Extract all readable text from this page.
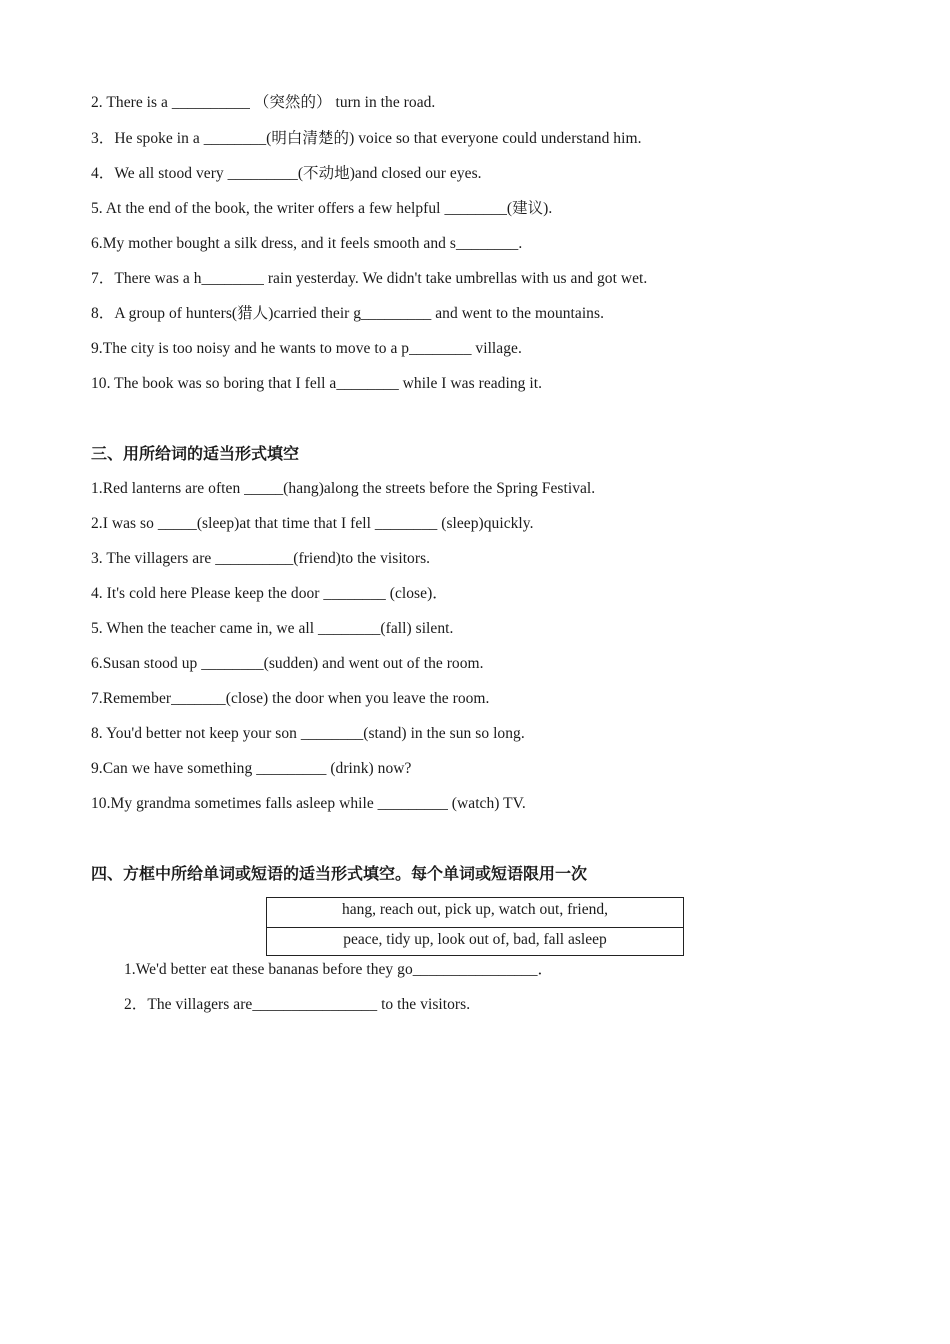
2. There is a __________ （突然的） turn in the road.
3．He spoke in a ________(明白清楚的) voice so that everyone could understand him.
4．We all stood very _________(不动地)and closed our eyes.
5. At the end of the book, the writer offers a few helpful ________(建议).
6.My mother bought a silk dress, and it feels smooth and s________.
7．There was a h________ rain yesterday. We didn't take umbrellas with us and got wet.
8．A group of hunters(猎人)carried their g_________ and went to the mountains.
9.The city is too noisy and he wants to move to a p________ village.
10. The book was so boring that I fell a________ while I was reading it.
三、用所给词的适当形式填空
1.Red lanterns are often _____(hang)along the streets before the Spring Festival.
2.I was so _____(sleep)at that time that I fell ________ (sleep)quickly.
3. The villagers are __________(friend)to the visitors.
4. It's cold here Please keep the door ________ (close)．
5. When the teacher came in, we all ________(fall) silent.
6.Susan stood up ________(sudden) and went out of the room.
7.Remember_______(close) the door when you leave the room.
8. You'd better not keep your son ________(stand) in the sun so long.
9.Can we have something _________ (drink) now?
10.My grandma sometimes falls asleep while _________ (watch) TV.
四、方框中所给单词或短语的适当形式填空。每个单词或短语限用一次
hang, reach out, pick up, watch out, friend,
peace, tidy up, look out of, bad, fall asleep
1.We'd better eat these bananas before they go________________．
2．The villagers are________________ to the visitors.
